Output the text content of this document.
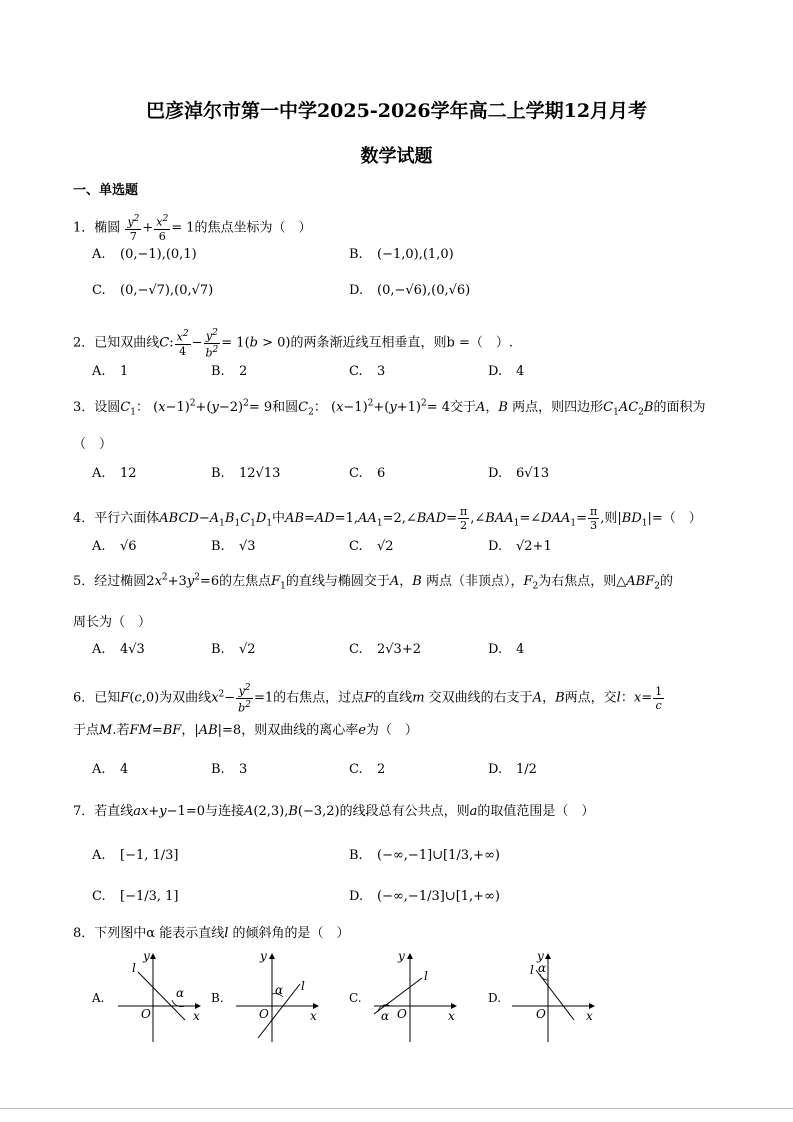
巴彦淖尔市第一中学2025-2026学年高二上学期12月月考
数学试题
一、单选题
1．椭圆 $\frac{y^2}{7} + \frac{x^2}{6} = 1$的焦点坐标为（　）
A. (0,−1),(0,1)	B. (−1,0),(1,0)
C. (0,−√7),(0,√7)	D. (0,−√6),(0,√6)
2．已知双曲线C: $\frac{x^2}{4} - \frac{y^2}{b^2} = 1(b > 0)$的两条渐近线互相垂直，则b =（　）.
A. 1	B. 2	C. 3	D. 4
3．设圆$C_1$： $(x-1)^2+(y-2)^2= 9$和圆$C_2$： $(x-1)^2+(y+1)^2= 4$交于A，B 两点，则四边形$C_1AC_2B$的面积为
（　）
A. 12	B. 12√13	C. 6	D. 6√13
4．平行六面体$ABCD-A_1B_1C_1D_1$中$AB=AD=1,AA_1=2,\angle BAD= \frac{\pi}{2}$ $,\angle BAA_1=\angle DAA_1= \frac{\pi}{3}$ ,则$|BD_1|=$（　）
A. √6	B. √3	C. √2	D. √2+1
5．经过椭圆$2x^2+3y^2=6$的左焦点$F_1$的直线与椭圆交于A，B 两点（非顶点），$F_2$为右焦点，则$\triangle ABF_2$的
周长为（　）
A. 4√3	B. √2	C. 2√3+2	D. 4
6．已知F(c,0)为双曲线$x^2- \frac{y^2}{b^2} =1$的右焦点，过点F的直线m 交双曲线的右支于A，B两点，交l：$x= \frac{1}{c}$
于点M.若FM=BF，|AB|=8，则双曲线的离心率e为（　）
A. 4	B. 3	C. 2	D. 1/2
7．若直线ax+y−1=0与连接A(2,3),B(−3,2)的线段总有公共点，则a的取值范围是（　）
A. [−1, 1/3]	B. (−∞,−1]∪[1/3,+∞)
C. [−1/3, 1]	D. (−∞,−1/3]∪[1,+∞)
8．下列图中α 能表示直线l 的倾斜角的是（　）
A.	α
l
O	x
y
B.
α l
O	x
y
C.
α
l
O	x
y
D.
α
l
O	x
y
